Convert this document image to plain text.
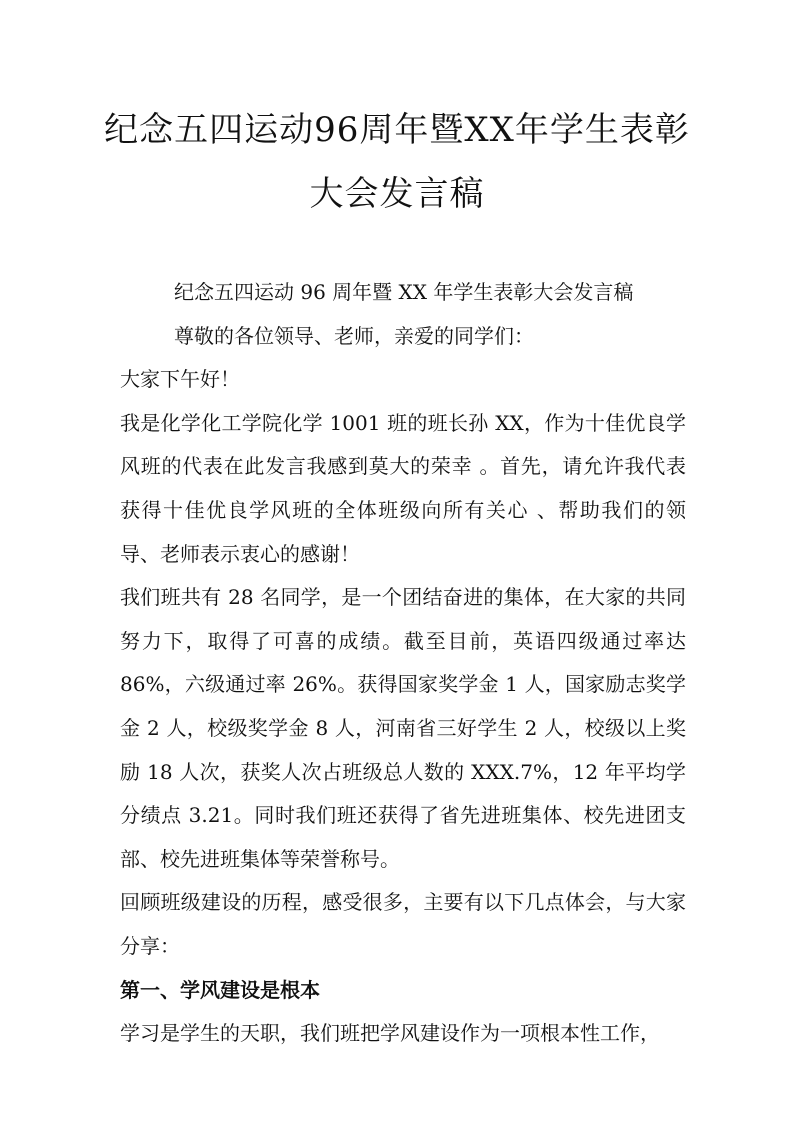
纪念五四运动96周年暨XX年学生表彰大会发言稿

纪念五四运动 96 周年暨 XX 年学生表彰大会发言稿

尊敬的各位领导、老师，亲爱的同学们：

大家下午好！

我是化学化工学院化学 1001 班的班长孙 XX，作为十佳优良学风班的代表在此发言我感到莫大的荣幸 。首先，请允许我代表获得十佳优良学风班的全体班级向所有关心 、帮助我们的领导、老师表示衷心的感谢！

我们班共有 28 名同学，是一个团结奋进的集体，在大家的共同努力下，取得了可喜的成绩。截至目前，英语四级通过率达 86%，六级通过率 26%。获得国家奖学金 1 人，国家励志奖学金 2 人，校级奖学金 8 人，河南省三好学生 2 人，校级以上奖励 18 人次，获奖人次占班级总人数的 XXX.7%，12 年平均学分绩点 3.21。同时我们班还获得了省先进班集体、校先进团支部、校先进班集体等荣誉称号。

回顾班级建设的历程，感受很多，主要有以下几点体会，与大家分享：

第一、学风建设是根本

学习是学生的天职，我们班把学风建设作为一项根本性工作，
